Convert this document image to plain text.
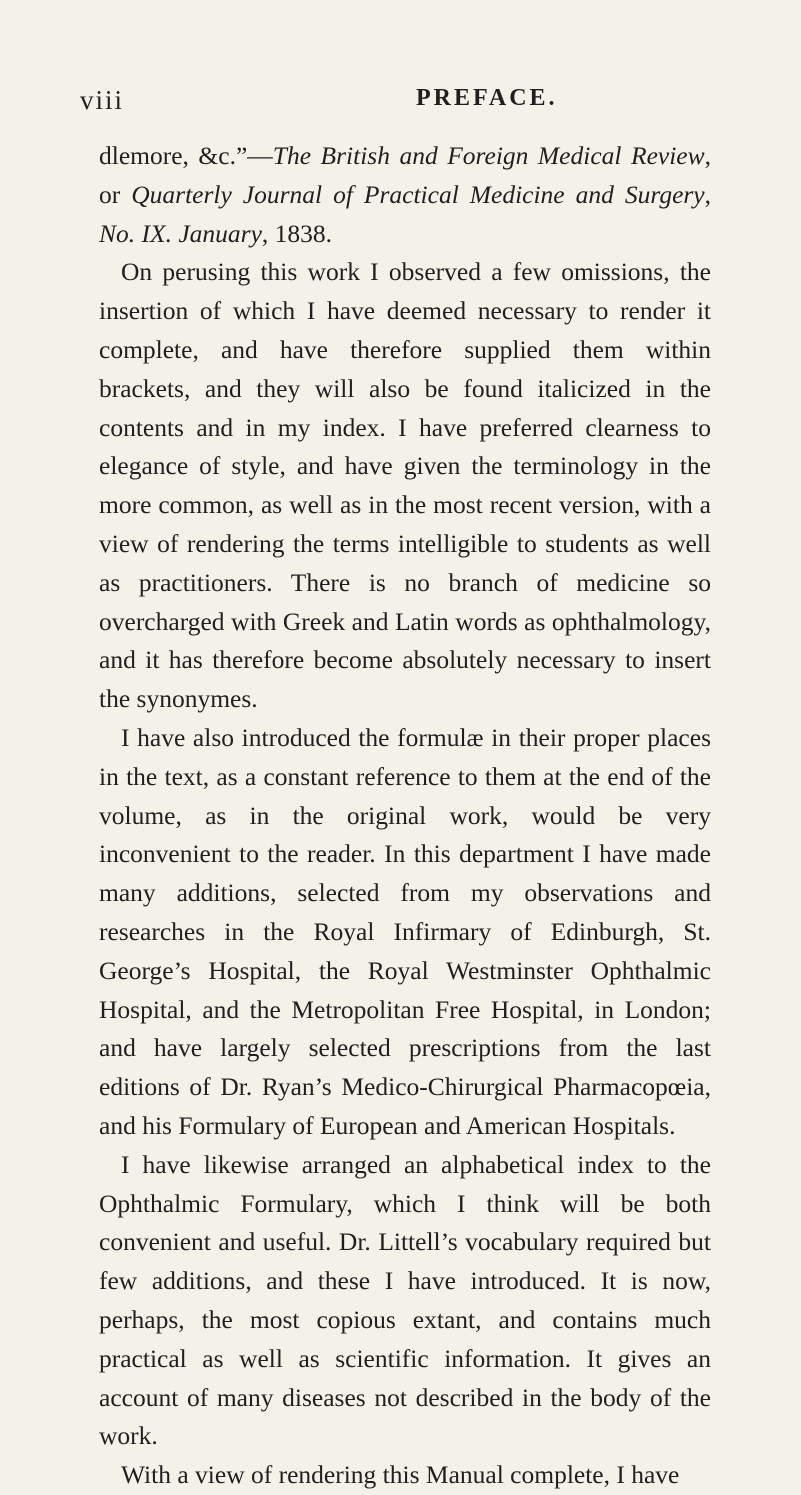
viii	PREFACE.

dlemore, &c.”—The British and Foreign Medical Review, or Quarterly Journal of Practical Medicine and Surgery, No. IX. January, 1838.

On perusing this work I observed a few omissions, the insertion of which I have deemed necessary to render it complete, and have therefore supplied them within brackets, and they will also be found italicized in the contents and in my index. I have preferred clearness to elegance of style, and have given the terminology in the more common, as well as in the most recent version, with a view of rendering the terms intelligible to students as well as practitioners. There is no branch of medicine so overcharged with Greek and Latin words as ophthalmology, and it has therefore become absolutely necessary to insert the synonymes.

I have also introduced the formulæ in their proper places in the text, as a constant reference to them at the end of the volume, as in the original work, would be very inconvenient to the reader. In this department I have made many additions, selected from my observations and researches in the Royal Infirmary of Edinburgh, St. George’s Hospital, the Royal Westminster Ophthalmic Hospital, and the Metropolitan Free Hospital, in London; and have largely selected prescriptions from the last editions of Dr. Ryan’s Medico-Chirurgical Pharmacopœia, and his Formulary of European and American Hospitals.

I have likewise arranged an alphabetical index to the Ophthalmic Formulary, which I think will be both convenient and useful. Dr. Littell’s vocabulary required but few additions, and these I have introduced. It is now, perhaps, the most copious extant, and contains much practical as well as scientific information. It gives an account of many diseases not described in the body of the work.

With a view of rendering this Manual complete, I have
